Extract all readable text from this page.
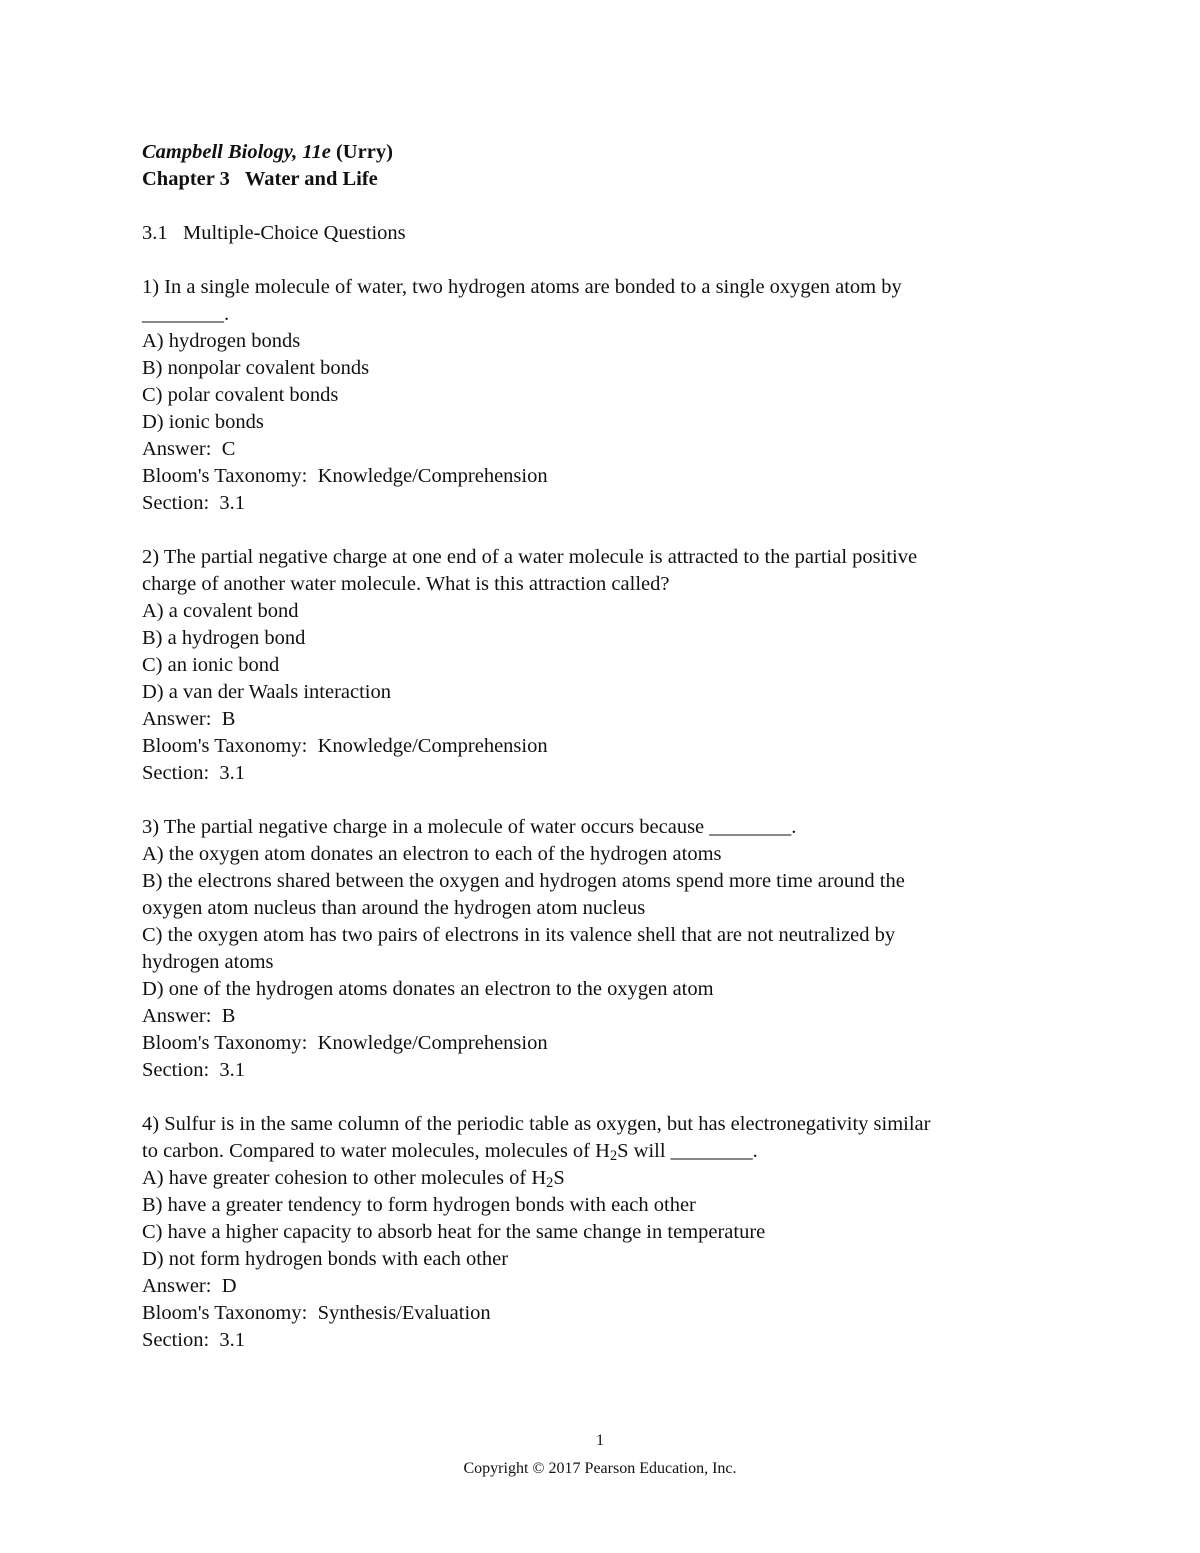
Campbell Biology, 11e (Urry)
Chapter 3   Water and Life
3.1   Multiple-Choice Questions
1) In a single molecule of water, two hydrogen atoms are bonded to a single oxygen atom by
________.
A) hydrogen bonds
B) nonpolar covalent bonds
C) polar covalent bonds
D) ionic bonds
Answer:  C
Bloom's Taxonomy:  Knowledge/Comprehension
Section:  3.1
2) The partial negative charge at one end of a water molecule is attracted to the partial positive
charge of another water molecule. What is this attraction called?
A) a covalent bond
B) a hydrogen bond
C) an ionic bond
D) a van der Waals interaction
Answer:  B
Bloom's Taxonomy:  Knowledge/Comprehension
Section:  3.1
3) The partial negative charge in a molecule of water occurs because ________.
A) the oxygen atom donates an electron to each of the hydrogen atoms
B) the electrons shared between the oxygen and hydrogen atoms spend more time around the
oxygen atom nucleus than around the hydrogen atom nucleus
C) the oxygen atom has two pairs of electrons in its valence shell that are not neutralized by
hydrogen atoms
D) one of the hydrogen atoms donates an electron to the oxygen atom
Answer:  B
Bloom's Taxonomy:  Knowledge/Comprehension
Section:  3.1
4) Sulfur is in the same column of the periodic table as oxygen, but has electronegativity similar
to carbon. Compared to water molecules, molecules of $H_2S$ will ________.
A) have greater cohesion to other molecules of $H_2S$
B) have a greater tendency to form hydrogen bonds with each other
C) have a higher capacity to absorb heat for the same change in temperature
D) not form hydrogen bonds with each other
Answer:  D
Bloom's Taxonomy:  Synthesis/Evaluation
Section:  3.1
1
Copyright © 2017 Pearson Education, Inc.
